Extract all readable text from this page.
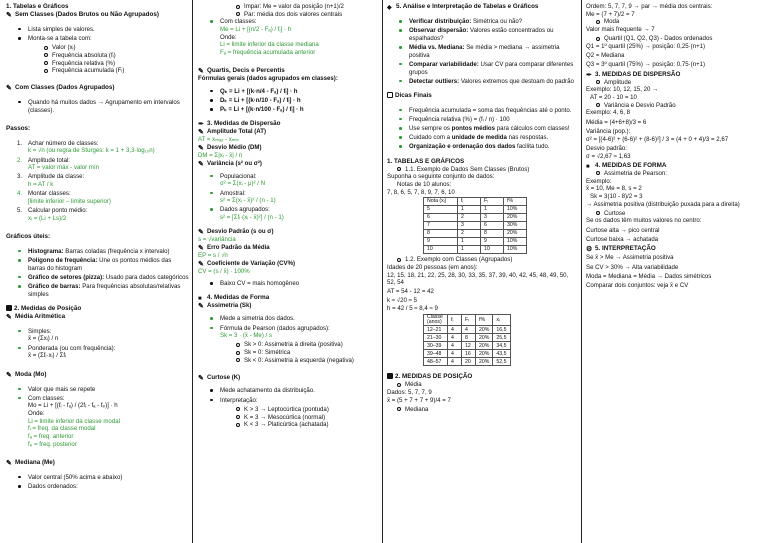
1. Tabelas e Gráficos
✎Sem Classes (Dados Brutos ou Não Agrupados)
Lista simples de valores.
Monta-se a tabela com:
Valor (xᵢ)
Frequência absoluta (fᵢ)
Frequência relativa (%)
Frequência acumulada (Fᵢ)
✎Com Classes (Dados Agrupados)
Quando há muitos dados → Agrupamento em intervalos (classes).
Passos:
1. Achar número de classes:
k = √n (ou regra de Sturges: k = 1 + 3,3·log₁₀n)
2. Amplitude total:
AT = valor máx - valor mín
3. Amplitude da classe:
h = AT / k
4. Montar classes:
[limite inferior – limite superior)
5. Calcular ponto médio:
xᵢ = (Li + Ls)/2
Gráficos úteis:
Histograma: Barras coladas (frequência x intervalo)
Polígono de frequência: Une os pontos médios das barras do histogram
Gráfico de setores (pizza): Usado para dados categóricos
Gráfico de barras: Para frequências absolutas/relativas simples
2. Medidas de Posição
✎Média Aritmética
Simples:
x̄ = (Σxᵢ) / n
Ponderada (ou com frequência):
x̄ = (Σfᵢ·xᵢ) / Σfᵢ
✎Moda (Mo)
Valor que mais se repete
Com classes:
Mo = Li + [(fᵢ - fₐ) / (2fᵢ - fₐ - fₚ)] · h
Onde:
Li = limite inferior da classe modal
fᵢ = freq. da classe modal
fₐ = freq. anterior
fₚ = freq. posterior
✎Mediana (Me)
Valor central (50% acima e abaixo)
Dados ordenados:
Ímpar: Me = valor da posição (n+1)/2
Par: média dos dois valores centrais
Com classes:
Me = Li + [(n/2 - Fₐ) / fᵢ] · h
Onde:
Li = limite inferior da classe mediana
Fₐ = frequência acumulada anterior
✎Quartis, Decis e Percentis
Fórmulas gerais (dados agrupados em classes):
Qₖ = Li + [(k·n/4 - Fₐ) / fᵢ] · h
Dₖ = Li + [(k·n/10 - Fₐ) / fᵢ] · h
Pₖ = Li + [(k·n/100 - Fₐ) / fᵢ] · h
✒3. Medidas de Dispersão
✎Amplitude Total (AT)
AT = xₘₐₓ - xₘᵢₙ
✎Desvio Médio (DM)
DM = Σ|xᵢ - x̄| / n
✎Variância (s² ou σ²)
Populacional:
σ² = Σ(xᵢ - μ)² / N
Amostral:
s² = Σ(xᵢ - x̄)² / (n - 1)
Dados agrupados:
s² = [Σfᵢ·(xᵢ - x̄)²] / (n - 1)
✎Desvio Padrão (s ou σ)
s = √variância
✎Erro Padrão da Média
EP = s / √n
✎Coeficiente de Variação (CV%)
CV = (s / x̄) · 100%
Baixo CV = mais homogêneo
■4. Medidas de Forma
✎Assimetria (Sk)
Mede a simetria dos dados.
Fórmula de Pearson (dados agrupados):
Sk = 3 · (x̄ - Me) / s
Sk > 0: Assimetria à direita (positiva)
Sk = 0: Simétrica
Sk < 0: Assimetria à esquerda (negativa)
✎Curtose (K)
Mede achatamento da distribuição.
Interpretação:
K > 3 → Leptocúrtica (pontuda)
K = 3 → Mesocúrtica (normal)
K < 3 → Platicúrtica (achatada)
◆5. Análise e Interpretação de Tabelas e Gráficos
Verificar distribuição: Simétrica ou não?
Observar dispersão: Valores estão concentrados ou espalhados?
Média vs. Mediana: Se média > mediana → assimetria positiva
Comparar variabilidade: Usar CV para comparar diferentes grupos
Detectar outliers: Valores extremos que destoam do padrão
Dicas Finais
Frequência acumulada = soma das frequências até o ponto.
Frequência relativa (%) = (fᵢ / n) · 100
Use sempre os pontos médios para cálculos com classes!
Cuidado com a unidade de medida nas respostas.
Organização e ordenação dos dados facilita tudo.
1. TABELAS E GRÁFICOS
1.1. Exemplo de Dados Sem Classes (Brutos)
Suponha o seguinte conjunto de dados:
Notas de 10 alunos:
7, 8, 6, 5, 7, 8, 9, 7, 6, 10
Nota (xᵢ)	fᵢ	Fᵢ	f%
5	1	1	10%
6	2	3	20%
7	3	6	30%
8	2	8	20%
9	1	9	10%
10	1	10	10%
1.2. Exemplo com Classes (Agrupados)
Idades de 20 pessoas (em anos):
12, 15, 18, 21, 22, 25, 28, 30, 33, 35, 37, 39, 40, 42, 45, 48, 49, 50, 52, 54
AT = 54 - 12 = 42
k ≈ √20 ≈ 5
h = 42 / 5 ≈ 8,4 ≈ 9
Classe (anos)	fᵢ	Fᵢ	f%	xᵢ
12–21	4	4	20%	16,5
21–30	4	8	20%	25,5
30–39	4	12	20%	34,5
39–48	4	16	20%	43,5
48–57	4	20	20%	52,5
2. MEDIDAS DE POSIÇÃO
Média
Dados: 5, 7, 7, 9
x̄ = (5 + 7 + 7 + 9)/4 = 7
Mediana
Ordem: 5, 7, 7, 9 → par → média dos centrais:
Me = (7 + 7)/2 = 7
Moda
Valor mais frequente → 7
Quartil (Q1, Q2, Q3) - Dados ordenados
Q1 = 1º quartil (25%) → posição: 0,25·(n+1)
Q2 = Mediana
Q3 = 3º quartil (75%) → posição: 0,75·(n+1)
✒3. MEDIDAS DE DISPERSÃO
Amplitude
Exemplo: 10, 12, 15, 20 →
AT = 20 - 10 = 10
Variância e Desvio Padrão
Exemplo: 4, 6, 8
Média = (4+6+8)/3 = 6
Variância (pop.):
σ² = [(4-6)² + (6-6)² + (8-6)²] / 3 = (4 + 0 + 4)/3 = 2,67
Desvio padrão:
σ = √2,67 ≈ 1,63
■4. MEDIDAS DE FORMA
Assimetria de Pearson:
Exemplo:
x̄ = 10, Me = 8, s = 2
Sk = 3(10 - 8)/2 = 3
→ Assimetria positiva (distribuição puxada para a direita)
Curtose
Se os dados têm muitos valores no centro:
Curtose alta → pico central
Curtose baixa → achatada
⚙5. INTERPRETAÇÃO
Se x̄ > Me → Assimetria positiva
Se CV > 30% → Alta variabilidade
Moda = Mediana = Média → Dados simétricos
Comparar dois conjuntos: veja x̄ e CV
